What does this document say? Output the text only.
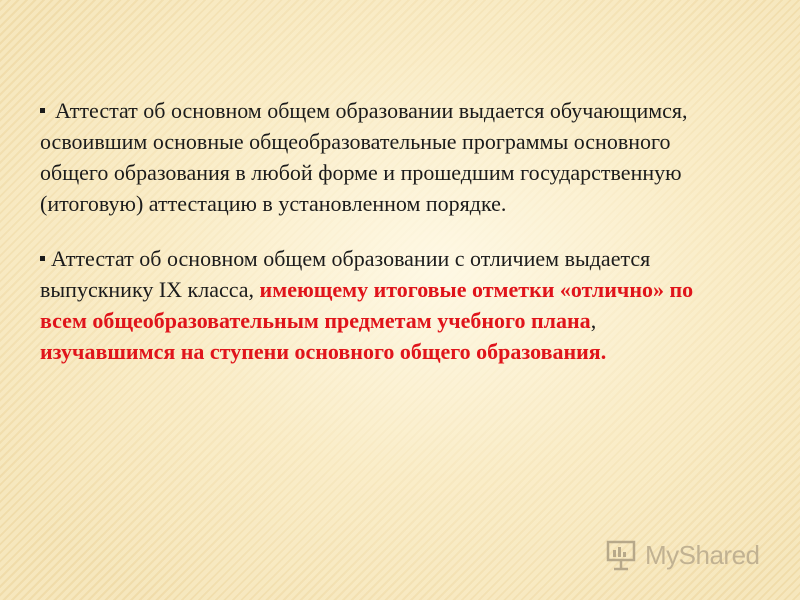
Аттестат об основном общем образовании выдается обучающимся, освоившим основные общеобразовательные программы основного общего образования в любой форме и прошедшим государственную (итоговую) аттестацию в установленном порядке.

Аттестат об основном общем образовании с отличием выдается выпускнику IX класса, имеющему итоговые отметки «отлично» по всем общеобразовательным предметам учебного плана, изучавшимся на ступени основного общего образования.

MyShared
